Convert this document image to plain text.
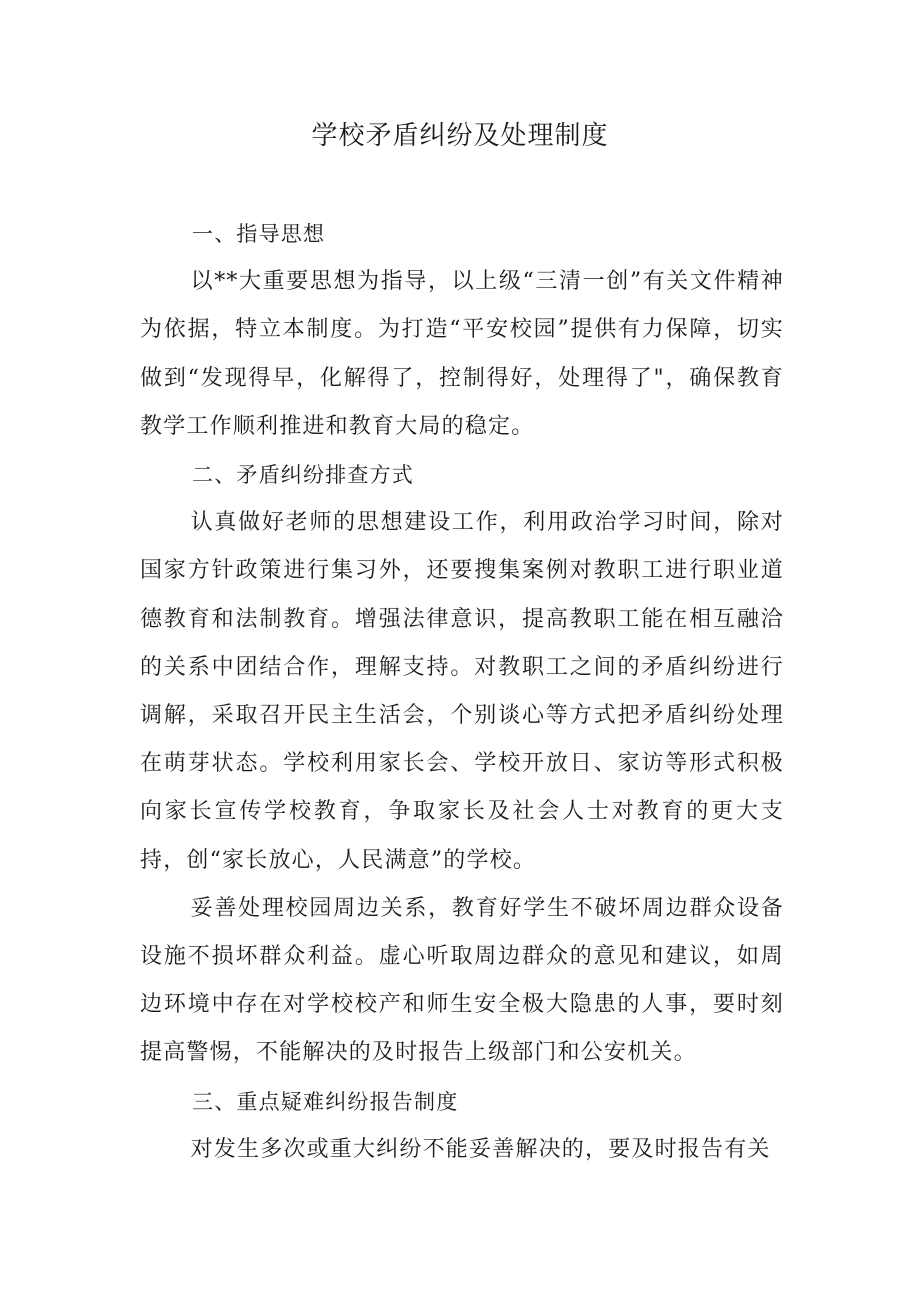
学校矛盾纠纷及处理制度

一、指导思想

以**大重要思想为指导，以上级“三清一创”有关文件精神为依据，特立本制度。为打造“平安校园”提供有力保障，切实做到“发现得早，化解得了，控制得好，处理得了"，确保教育教学工作顺利推进和教育大局的稳定。

二、矛盾纠纷排查方式

认真做好老师的思想建设工作，利用政治学习时间，除对国家方针政策进行集习外，还要搜集案例对教职工进行职业道德教育和法制教育。增强法律意识，提高教职工能在相互融洽的关系中团结合作，理解支持。对教职工之间的矛盾纠纷进行调解，采取召开民主生活会，个别谈心等方式把矛盾纠纷处理在萌芽状态。学校利用家长会、学校开放日、家访等形式积极向家长宣传学校教育，争取家长及社会人士对教育的更大支持，创“家长放心，人民满意”的学校。

妥善处理校园周边关系，教育好学生不破坏周边群众设备设施不损坏群众利益。虚心听取周边群众的意见和建议，如周边环境中存在对学校校产和师生安全极大隐患的人事，要时刻提高警惕，不能解决的及时报告上级部门和公安机关。

三、重点疑难纠纷报告制度

对发生多次或重大纠纷不能妥善解决的，要及时报告有关
